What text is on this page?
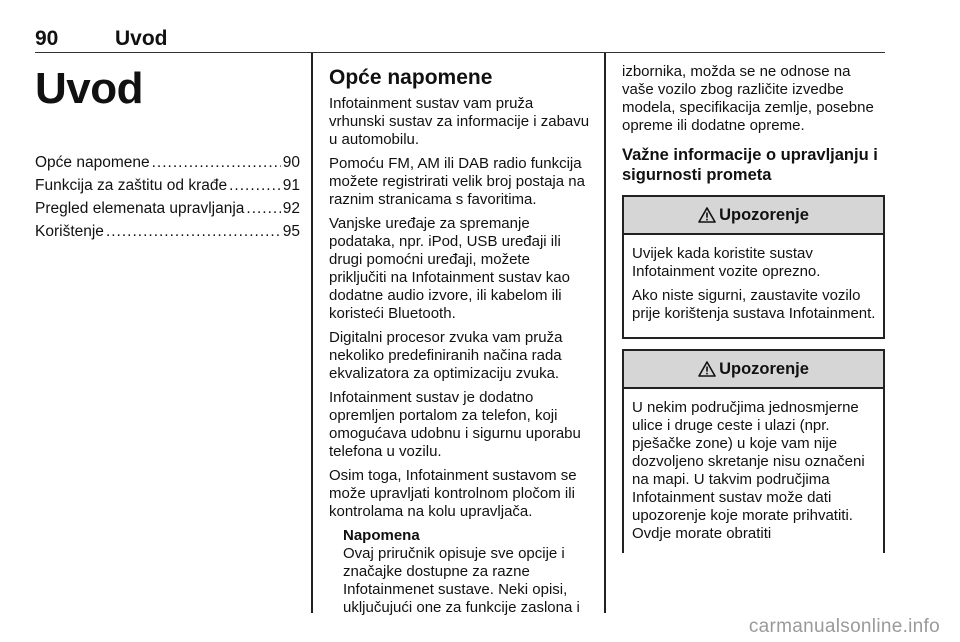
90	Uvod
Uvod
Opće napomene .....	90
Funkcija za zaštitu od krađe .....	91
Pregled elemenata upravljanja ..... 92
Korištenje .....	95
Opće napomene

Infotainment sustav vam pruža vrhunski sustav za informacije i zabavu u automobilu.

Pomoću FM, AM ili DAB radio funkcija možete registrirati velik broj postaja na raznim stranicama s favoritima.

Vanjske uređaje za spremanje podataka, npr. iPod, USB uređaji ili drugi pomoćni uređaji, možete priključiti na Infotainment sustav kao dodatne audio izvore, ili kabelom ili koristeći Bluetooth.

Digitalni procesor zvuka vam pruža nekoliko predefiniranih načina rada ekvalizatora za optimizaciju zvuka.

Infotainment sustav je dodatno opremljen portalom za telefon, koji omogućava udobnu i sigurnu uporabu telefona u vozilu.

Osim toga, Infotainment sustavom se može upravljati kontrolnom pločom ili kontrolama na kolu upravljača.

Napomena
Ovaj priručnik opisuje sve opcije i značajke dostupne za razne Infotainmenet sustave. Neki opisi, uključujući one za funkcije zaslona i

izbornika, možda se ne odnose na vaše vozilo zbog različite izvedbe modela, specifikacija zemlje, posebne opreme ili dodatne opreme.

Važne informacije o upravljanju i sigurnosti prometa
Upozorenje

Uvijek kada koristite sustav Infotainment vozite oprezno.

Ako niste sigurni, zaustavite vozilo prije korištenja sustava Infotainment.

Upozorenje

U nekim područjima jednosmjerne ulice i druge ceste i ulazi (npr. pješačke zone) u koje vam nije dozvoljeno skretanje nisu označeni na mapi. U takvim područjima Infotainment sustav može dati upozorenje koje morate prihvatiti. Ovdje morate obratiti

carmanualsonline.info
